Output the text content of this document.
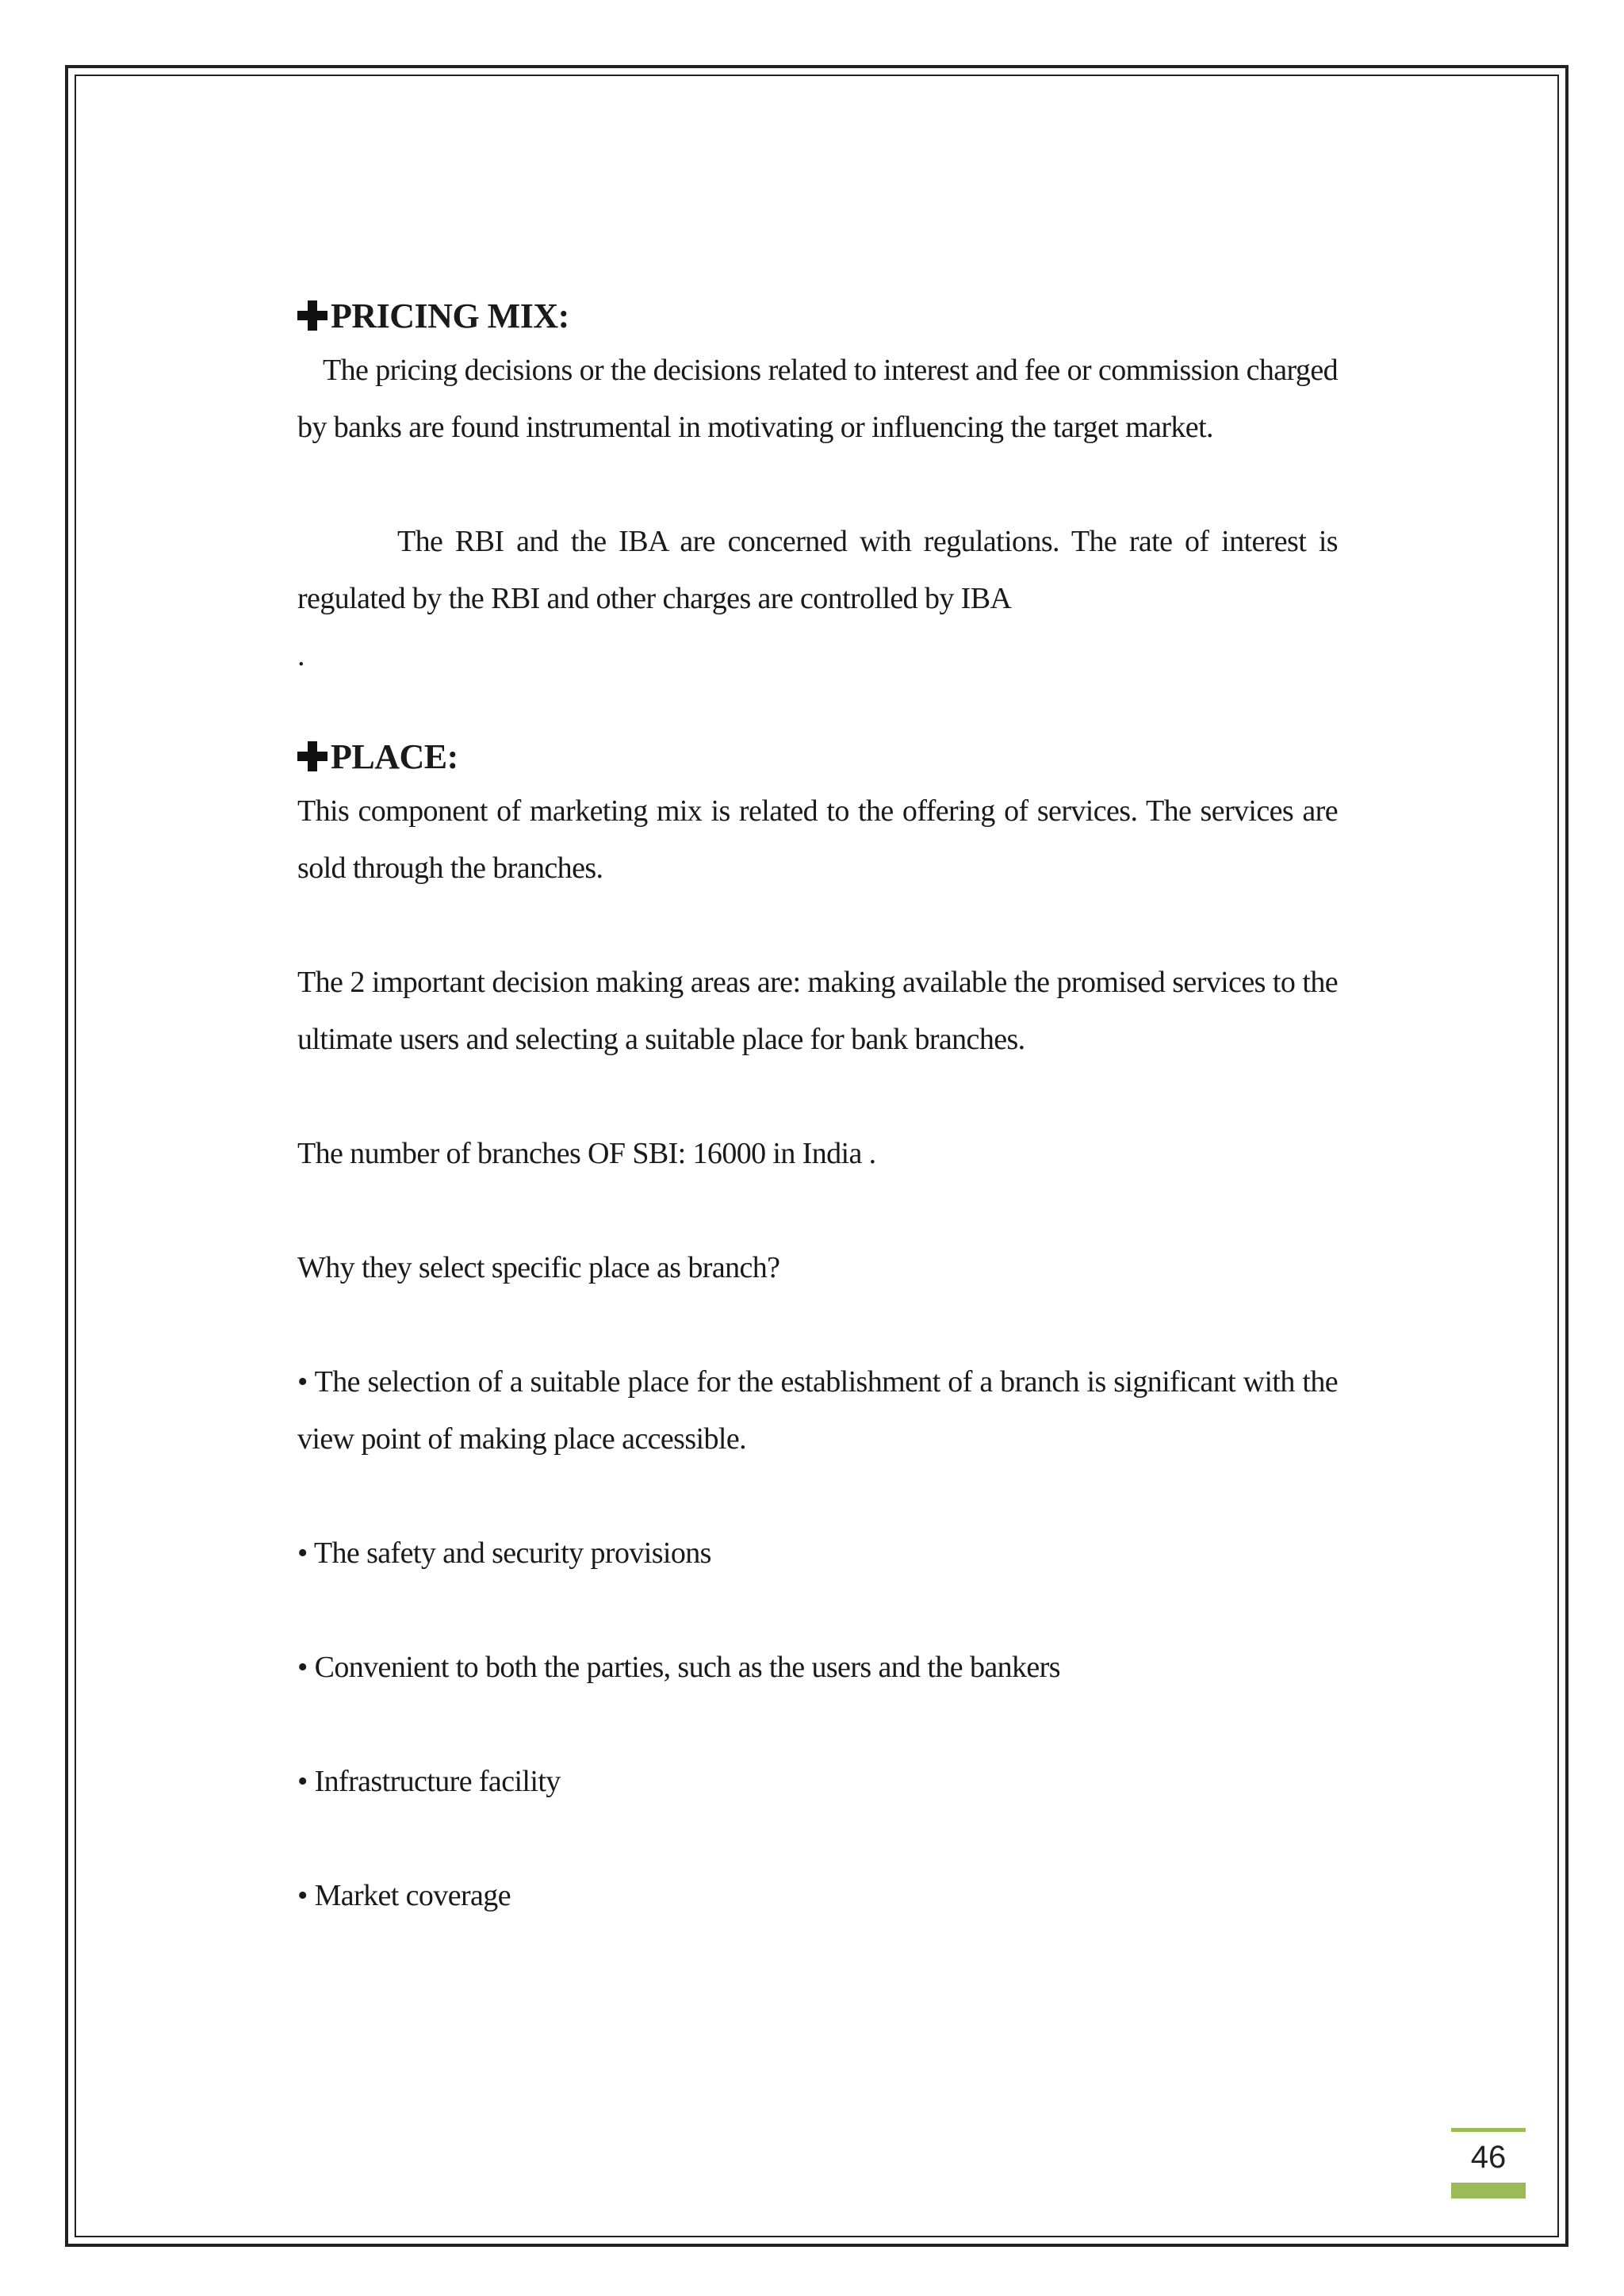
PRICING MIX:

The pricing decisions or the decisions related to interest and fee or commission charged by banks are found instrumental in motivating or influencing the target market.

The RBI and the IBA are concerned with regulations. The rate of interest is regulated by the RBI and other charges are controlled by IBA

.

PLACE:

This component of marketing mix is related to the offering of services. The services are sold through the branches.

The 2 important decision making areas are: making available the promised services to the ultimate users and selecting a suitable place for bank branches.

The number of branches OF SBI: 16000 in India .

Why they select specific place as branch?

• The selection of a suitable place for the establishment of a branch is significant with the view point of making place accessible.

• The safety and security provisions

• Convenient to both the parties, such as the users and the bankers

• Infrastructure facility

• Market coverage

46
